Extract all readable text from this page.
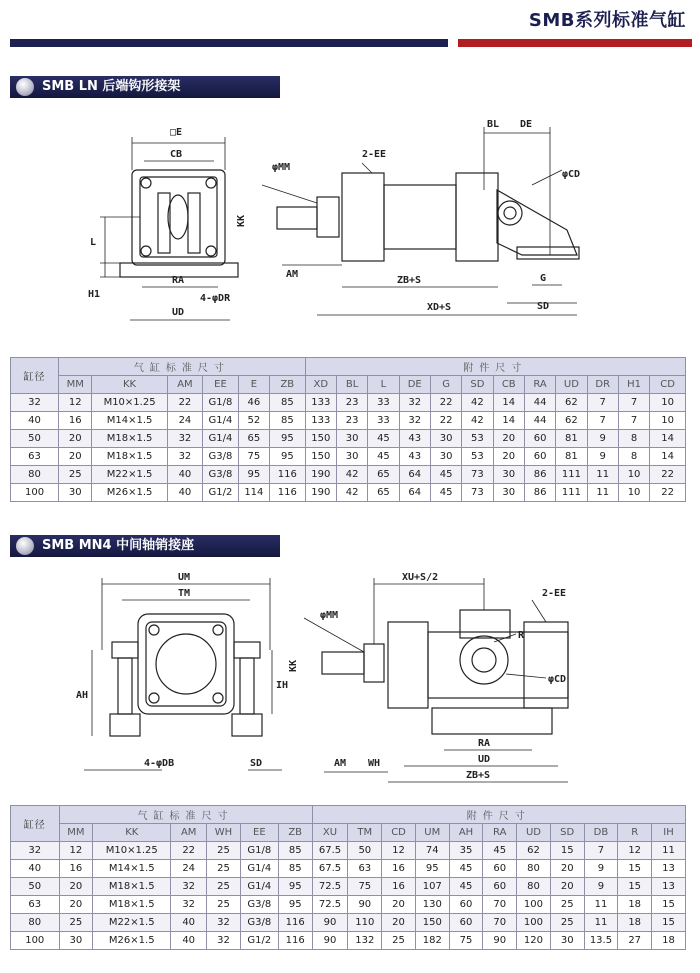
SMB系列标准气缸
SMB LN 后端钩形接架
□E
CB
L
H1
RA
UD
4-φDR
KK
φMM
2-EE
AM
ZB+S
XD+S
BL DE
φCD
G
SD
缸径	气缸标准尺寸						附件尺寸											
	MM	KK	AM	EE	E	ZB	XD	BL	L	DE	G	SD	CB	RA	UD	DR	H1	CD
32	12	M10×1.25	22	G1/8	46	85	133	23	33	32	22	42	14	44	62	7	7	10
40	16	M14×1.5	24	G1/4	52	85	133	23	33	32	22	42	14	44	62	7	7	10
50	20	M18×1.5	32	G1/4	65	95	150	30	45	43	30	53	20	60	81	9	8	14
63	20	M18×1.5	32	G3/8	75	95	150	30	45	43	30	53	20	60	81	9	8	14
80	25	M22×1.5	40	G3/8	95	116	190	42	65	64	45	73	30	86	111	11	10	22
100	30	M26×1.5	40	G1/2	114	116	190	42	65	64	45	73	30	86	111	11	10	22
SMB MN4 中间轴销接座
UM
TM
AH
IH
4-φDB	SD
KK
φMM
XU+S/2
2-EE
R
φCD
RA
UD
AM WH
ZB+S
缸径	气缸标准尺寸						附件尺寸										
	MM	KK	AM	WH	EE	ZB	XU	TM	CD	UM	AH	RA	UD	SD	DB	R	IH
32	12	M10×1.25	22	25	G1/8	85	67.5	50	12	74	35	45	62	15	7	12	11
40	16	M14×1.5	24	25	G1/4	85	67.5	63	16	95	45	60	80	20	9	15	13
50	20	M18×1.5	32	25	G1/4	95	72.5	75	16	107	45	60	80	20	9	15	13
63	20	M18×1.5	32	25	G3/8	95	72.5	90	20	130	60	70	100	25	11	18	15
80	25	M22×1.5	40	32	G3/8	116	90	110	20	150	60	70	100	25	11	18	15
100	30	M26×1.5	40	32	G1/2	116	90	132	25	182	75	90	120	30	13.5	27	18
